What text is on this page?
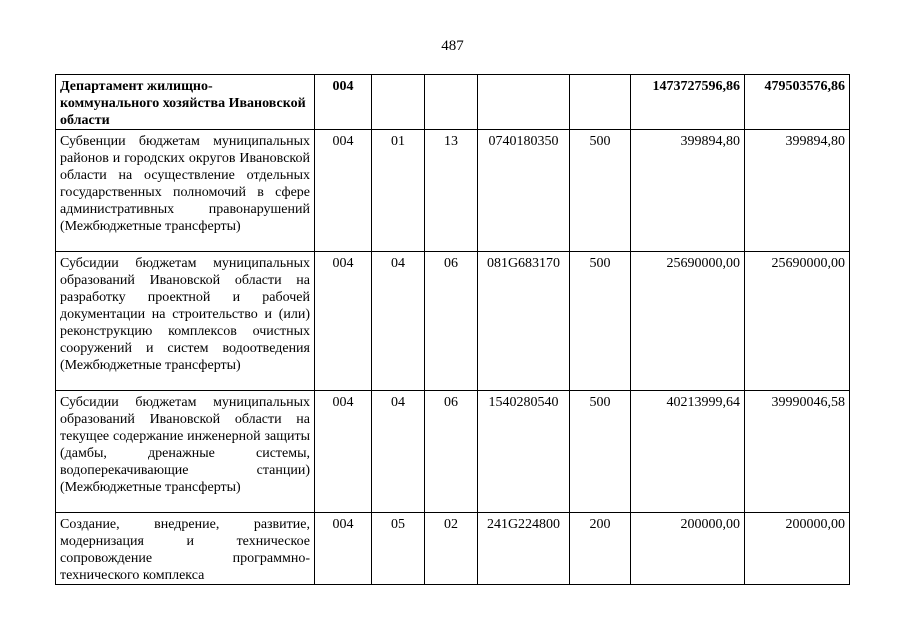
487
Департамент жилищно-коммунального хозяйства Ивановской области	004					1473727596,86	479503576,86
Субвенции бюджетам муниципальных районов и городских округов Ивановской области на осуществление отдельных государственных полномочий в сфере административных правонарушений (Межбюджетные трансферты)	004	01	13	0740180350	500	399894,80	399894,80
Субсидии бюджетам муниципальных образований Ивановской области на разработку проектной и рабочей документации на строительство и (или) реконструкцию комплексов очистных сооружений и систем водоотведения (Межбюджетные трансферты)	004	04	06	081G683170	500	25690000,00	25690000,00
Субсидии бюджетам муниципальных образований Ивановской области на текущее содержание инженерной защиты (дамбы, дренажные системы, водоперекачивающие станции) (Межбюджетные трансферты)	004	04	06	1540280540	500	40213999,64	39990046,58
Создание, внедрение, развитие, модернизация и техническое сопровождение программно-технического комплекса	004	05	02	241G224800	200	200000,00	200000,00
